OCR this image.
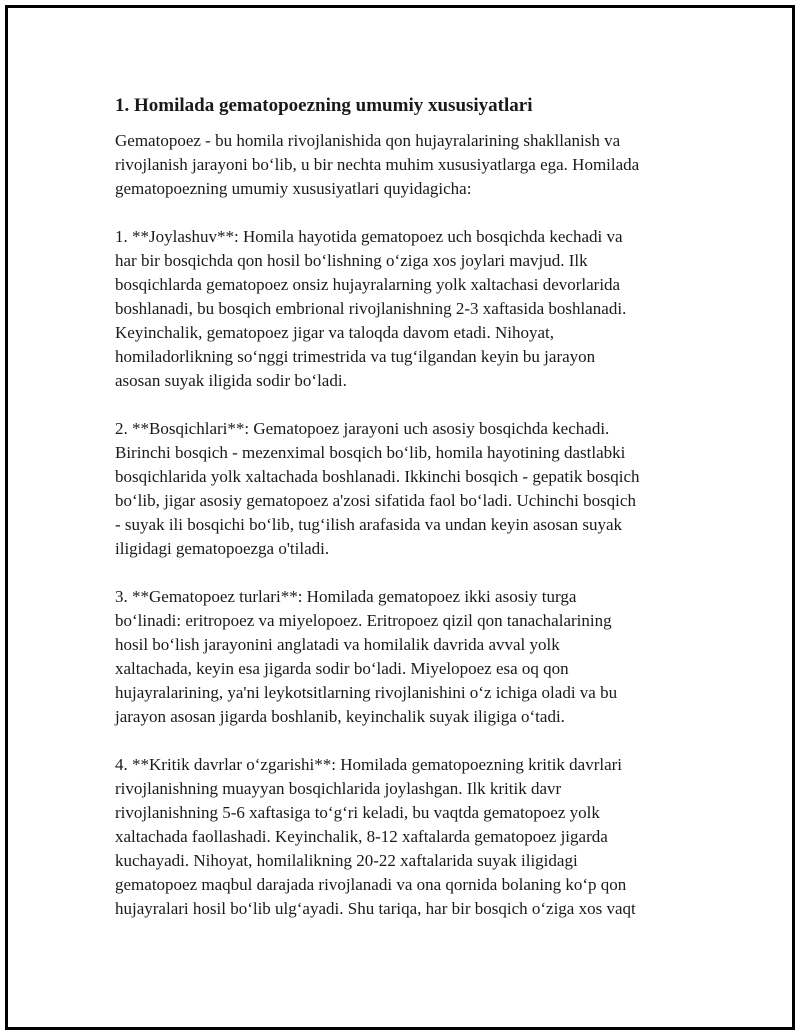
1. Homilada gematopoezning umumiy xususiyatlari
Gematopoez - bu homila rivojlanishida qon hujayralarining shakllanish va
rivojlanish jarayoni bo‘lib, u bir nechta muhim xususiyatlarga ega. Homilada
gematopoezning umumiy xususiyatlari quyidagicha:
1. **Joylashuv**: Homila hayotida gematopoez uch bosqichda kechadi va
har bir bosqichda qon hosil bo‘lishning o‘ziga xos joylari mavjud. Ilk
bosqichlarda gematopoez onsiz hujayralarning yolk xaltachasi devorlarida
boshlanadi, bu bosqich embrional rivojlanishning 2-3 xaftasida boshlanadi.
Keyinchalik, gematopoez jigar va taloqda davom etadi. Nihoyat,
homiladorlikning so‘nggi trimestrida va tug‘ilgandan keyin bu jarayon
asosan suyak iligida sodir bo‘ladi.
2. **Bosqichlari**: Gematopoez jarayoni uch asosiy bosqichda kechadi.
Birinchi bosqich - mezenximal bosqich bo‘lib, homila hayotining dastlabki
bosqichlarida yolk xaltachada boshlanadi. Ikkinchi bosqich - gepatik bosqich
bo‘lib, jigar asosiy gematopoez a'zosi sifatida faol bo‘ladi. Uchinchi bosqich
- suyak ili bosqichi bo‘lib, tug‘ilish arafasida va undan keyin asosan suyak
iligidagi gematopoezga o'tiladi.
3. **Gematopoez turlari**: Homilada gematopoez ikki asosiy turga
bo‘linadi: eritropoez va miyelopoez. Eritropoez qizil qon tanachalarining
hosil bo‘lish jarayonini anglatadi va homilalik davrida avval yolk
xaltachada, keyin esa jigarda sodir bo‘ladi. Miyelopoez esa oq qon
hujayralarining, ya'ni leykotsitlarning rivojlanishini o‘z ichiga oladi va bu
jarayon asosan jigarda boshlanib, keyinchalik suyak iligiga o‘tadi.
4. **Kritik davrlar o‘zgarishi**: Homilada gematopoezning kritik davrlari
rivojlanishning muayyan bosqichlarida joylashgan. Ilk kritik davr
rivojlanishning 5-6 xaftasiga to‘g‘ri keladi, bu vaqtda gematopoez yolk
xaltachada faollashadi. Keyinchalik, 8-12 xaftalarda gematopoez jigarda
kuchayadi. Nihoyat, homilalikning 20-22 xaftalarida suyak iligidagi
gematopoez maqbul darajada rivojlanadi va ona qornida bolaning ko‘p qon
hujayralari hosil bo‘lib ulg‘ayadi. Shu tariqa, har bir bosqich o‘ziga xos vaqt
